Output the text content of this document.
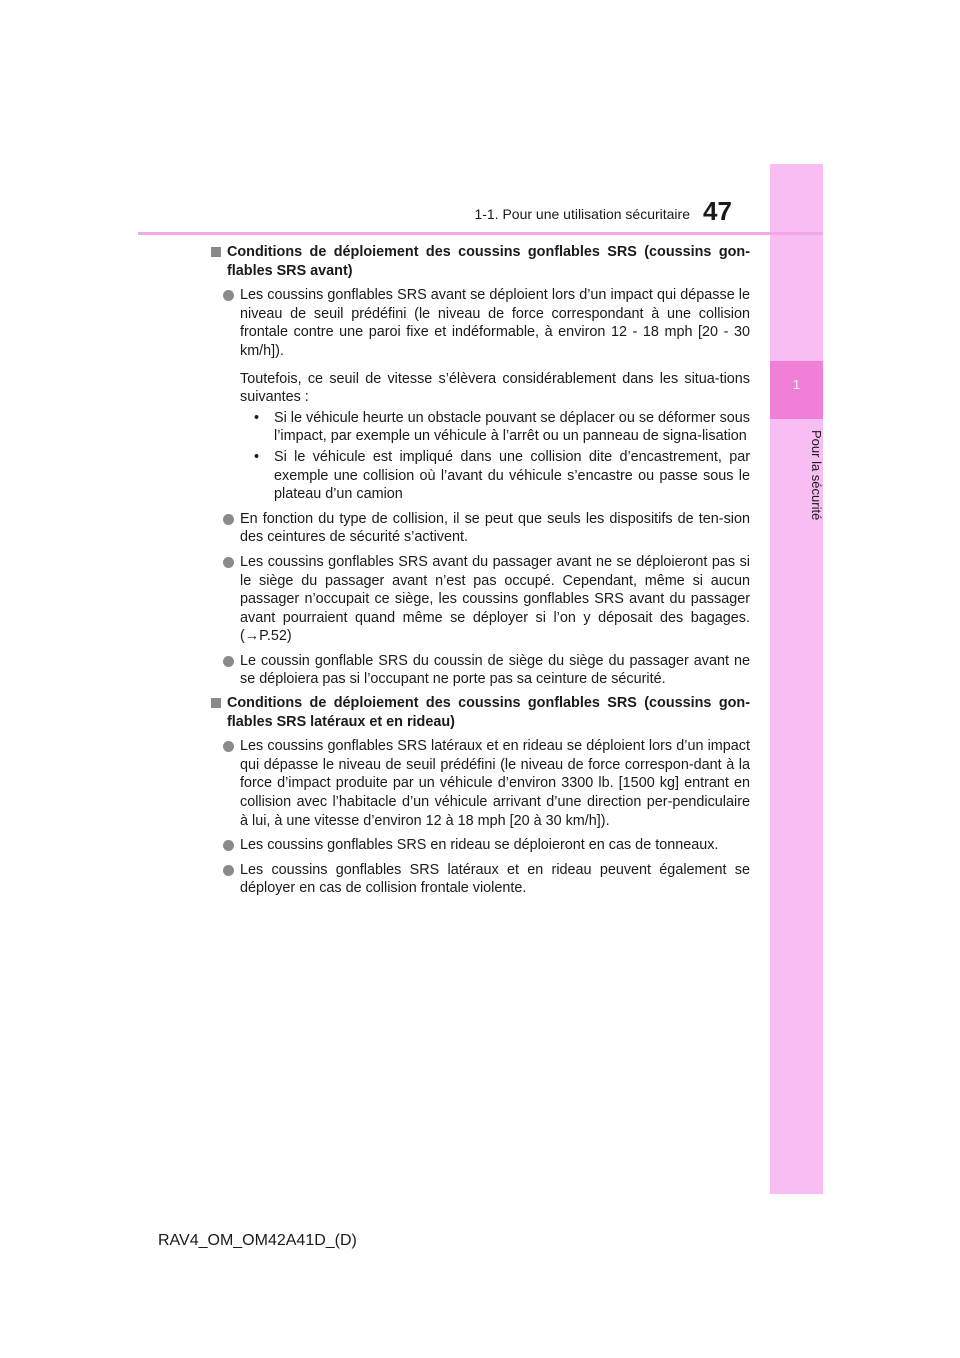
1
Pour la sécurité
1-1. Pour une utilisation sécuritaire 47
Conditions de déploiement des coussins gonflables SRS (coussins gon-flables SRS avant)
Les coussins gonflables SRS avant se déploient lors d’un impact qui dépasse le niveau de seuil prédéfini (le niveau de force correspondant à une collision frontale contre une paroi fixe et indéformable, à environ 12 - 18 mph [20 - 30 km/h]).
Toutefois, ce seuil de vitesse s’élèvera considérablement dans les situa-tions suivantes :
• Si le véhicule heurte un obstacle pouvant se déplacer ou se déformer sous l’impact, par exemple un véhicule à l’arrêt ou un panneau de signa-lisation
• Si le véhicule est impliqué dans une collision dite d’encastrement, par exemple une collision où l’avant du véhicule s’encastre ou passe sous le plateau d’un camion
En fonction du type de collision, il se peut que seuls les dispositifs de ten-sion des ceintures de sécurité s’activent.
Les coussins gonflables SRS avant du passager avant ne se déploieront pas si le siège du passager avant n’est pas occupé. Cependant, même si aucun passager n’occupait ce siège, les coussins gonflables SRS avant du passager avant pourraient quand même se déployer si l’on y déposait des bagages. (→P.52)
Le coussin gonflable SRS du coussin de siège du siège du passager avant ne se déploiera pas si l’occupant ne porte pas sa ceinture de sécurité.
Conditions de déploiement des coussins gonflables SRS (coussins gon-flables SRS latéraux et en rideau)
Les coussins gonflables SRS latéraux et en rideau se déploient lors d’un impact qui dépasse le niveau de seuil prédéfini (le niveau de force correspon-dant à la force d’impact produite par un véhicule d’environ 3300 lb. [1500 kg] entrant en collision avec l’habitacle d’un véhicule arrivant d’une direction per-pendiculaire à lui, à une vitesse d’environ 12 à 18 mph [20 à 30 km/h]).
Les coussins gonflables SRS en rideau se déploieront en cas de tonneaux.
Les coussins gonflables SRS latéraux et en rideau peuvent également se déployer en cas de collision frontale violente.
RAV4_OM_OM42A41D_(D)
